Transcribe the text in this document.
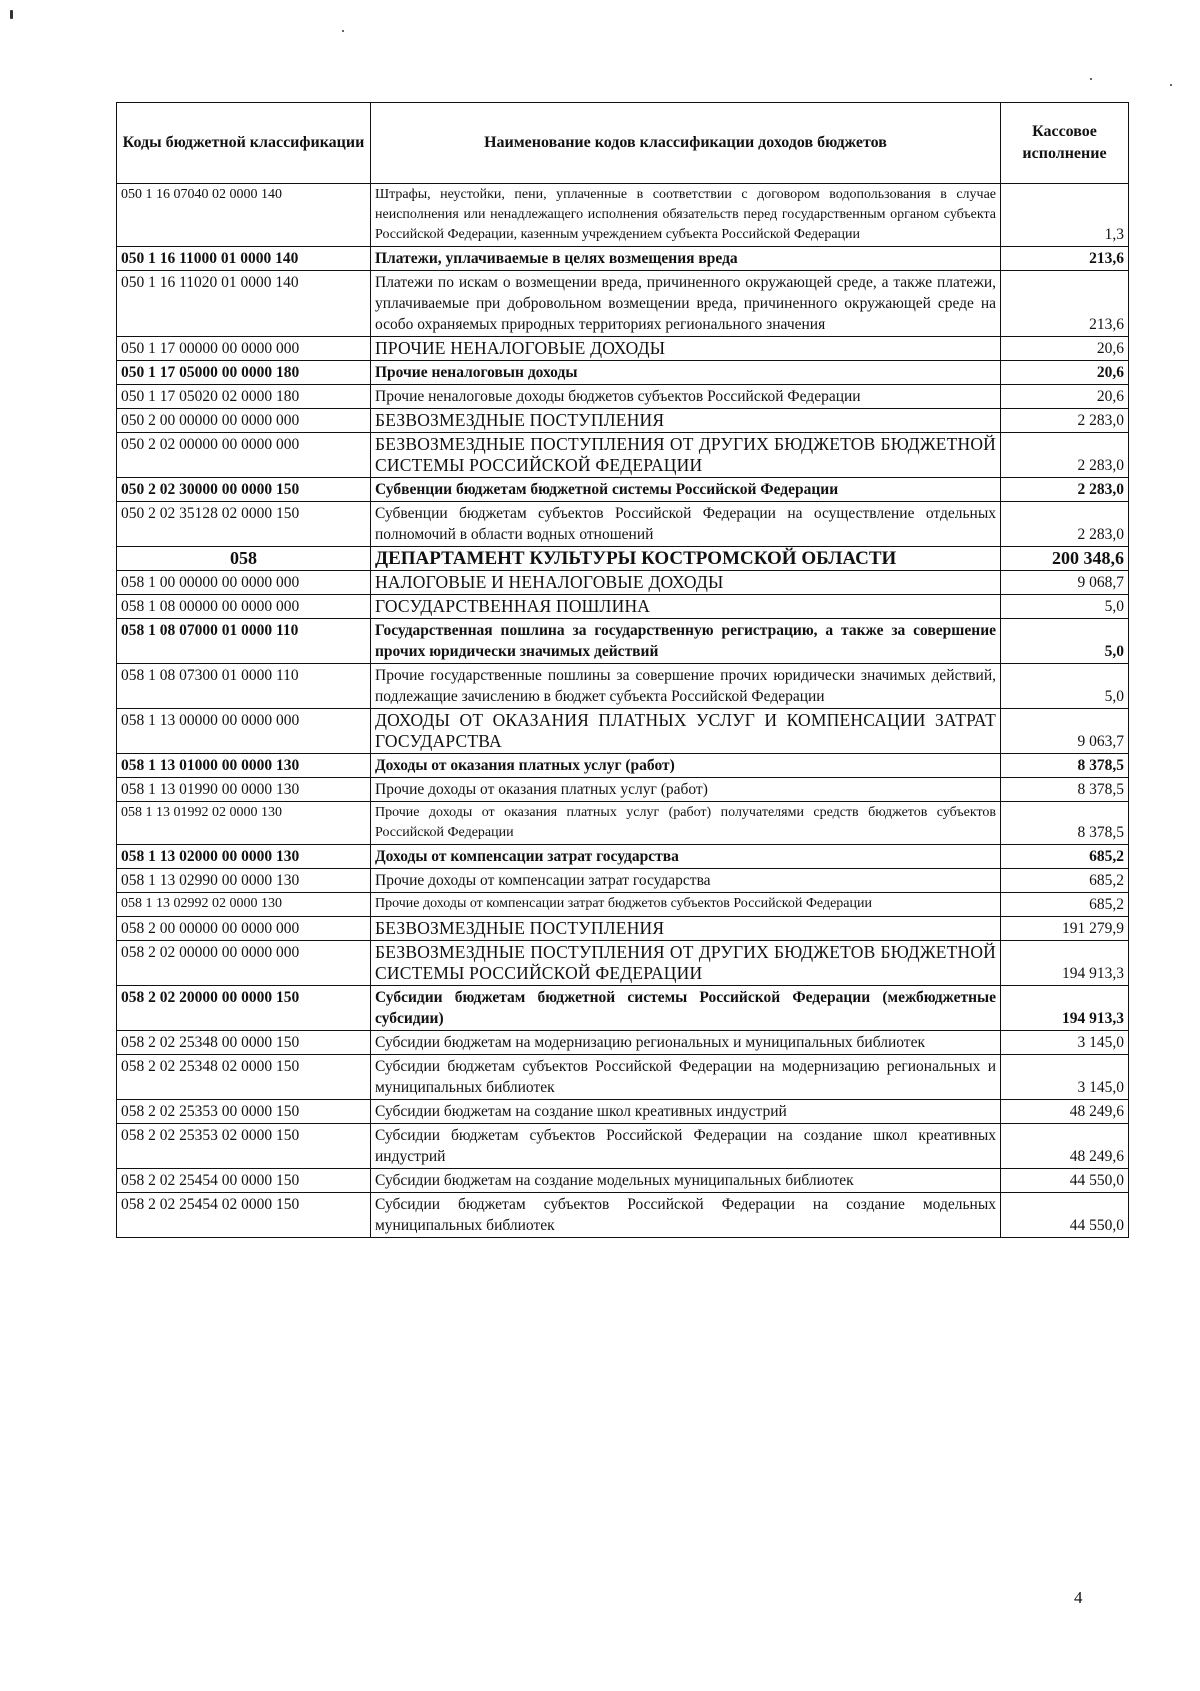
Коды бюджетной классификации	Наименование кодов классификации доходов бюджетов	Кассовое исполнение
050 1 16 07040 02 0000 140	Штрафы, неустойки, пени, уплаченные в соответствии с договором водопользования в случае неисполнения или ненадлежащего исполнения обязательств перед государственным органом субъекта Российской Федерации, казенным учреждением субъекта Российской Федерации	1,3
050 1 16 11000 01 0000 140	Платежи, уплачиваемые в целях возмещения вреда	213,6
050 1 16 11020 01 0000 140	Платежи по искам о возмещении вреда, причиненного окружающей среде, а также платежи, уплачиваемые при добровольном возмещении вреда, причиненного окружающей среде на особо охраняемых природных территориях регионального значения	213,6
050 1 17 00000 00 0000 000	ПРОЧИЕ НЕНАЛОГОВЫЕ ДОХОДЫ	20,6
050 1 17 05000 00 0000 180	Прочие неналоговын доходы	20,6
050 1 17 05020 02 0000 180	Прочие неналоговые доходы бюджетов субъектов Российской Федерации	20,6
050 2 00 00000 00 0000 000	БЕЗВОЗМЕЗДНЫЕ ПОСТУПЛЕНИЯ	2 283,0
050 2 02 00000 00 0000 000	БЕЗВОЗМЕЗДНЫЕ ПОСТУПЛЕНИЯ ОТ ДРУГИХ БЮДЖЕТОВ БЮДЖЕТНОЙ СИСТЕМЫ РОССИЙСКОЙ ФЕДЕРАЦИИ	2 283,0
050 2 02 30000 00 0000 150	Субвенции бюджетам бюджетной системы Российской Федерации	2 283,0
050 2 02 35128 02 0000 150	Субвенции бюджетам субъектов Российской Федерации на осуществление отдельных полномочий в области водных отношений	2 283,0
058	ДЕПАРТАМЕНТ КУЛЬТУРЫ КОСТРОМСКОЙ ОБЛАСТИ	200 348,6
058 1 00 00000 00 0000 000	НАЛОГОВЫЕ И НЕНАЛОГОВЫЕ ДОХОДЫ	9 068,7
058 1 08 00000 00 0000 000	ГОСУДАРСТВЕННАЯ ПОШЛИНА	5,0
058 1 08 07000 01 0000 110	Государственная пошлина за государственную регистрацию, а также за совершение прочих юридически значимых действий	5,0
058 1 08 07300 01 0000 110	Прочие государственные пошлины за совершение прочих юридически значимых действий, подлежащие зачислению в бюджет субъекта Российской Федерации	5,0
058 1 13 00000 00 0000 000	ДОХОДЫ ОТ ОКАЗАНИЯ ПЛАТНЫХ УСЛУГ И КОМПЕНСАЦИИ ЗАТРАТ ГОСУДАРСТВА	9 063,7
058 1 13 01000 00 0000 130	Доходы от оказания платных услуг (работ)	8 378,5
058 1 13 01990 00 0000 130	Прочие доходы от оказания платных услуг (работ)	8 378,5
058 1 13 01992 02 0000 130	Прочие доходы от оказания платных услуг (работ) получателями средств бюджетов субъектов Российской Федерации	8 378,5
058 1 13 02000 00 0000 130	Доходы от компенсации затрат государства	685,2
058 1 13 02990 00 0000 130	Прочие доходы от компенсации затрат государства	685,2
058 1 13 02992 02 0000 130	Прочие доходы от компенсации затрат бюджетов субъектов Российской Федерации	685,2
058 2 00 00000 00 0000 000	БЕЗВОЗМЕЗДНЫЕ ПОСТУПЛЕНИЯ	191 279,9
058 2 02 00000 00 0000 000	БЕЗВОЗМЕЗДНЫЕ ПОСТУПЛЕНИЯ ОТ ДРУГИХ БЮДЖЕТОВ БЮДЖЕТНОЙ СИСТЕМЫ РОССИЙСКОЙ ФЕДЕРАЦИИ	194 913,3
058 2 02 20000 00 0000 150	Субсидии бюджетам бюджетной системы Российской Федерации (межбюджетные субсидии)	194 913,3
058 2 02 25348 00 0000 150	Субсидии бюджетам на модернизацию региональных и муниципальных библиотек	3 145,0
058 2 02 25348 02 0000 150	Субсидии бюджетам субъектов Российской Федерации на модернизацию региональных и муниципальных библиотек	3 145,0
058 2 02 25353 00 0000 150	Субсидии бюджетам на создание школ креативных индустрий	48 249,6
058 2 02 25353 02 0000 150	Субсидии бюджетам субъектов Российской Федерации на создание школ креативных индустрий	48 249,6
058 2 02 25454 00 0000 150	Субсидии бюджетам на создание модельных муниципальных библиотек	44 550,0
058 2 02 25454 02 0000 150	Субсидии бюджетам субъектов Российской Федерации на создание модельных муниципальных библиотек	44 550,0
4
